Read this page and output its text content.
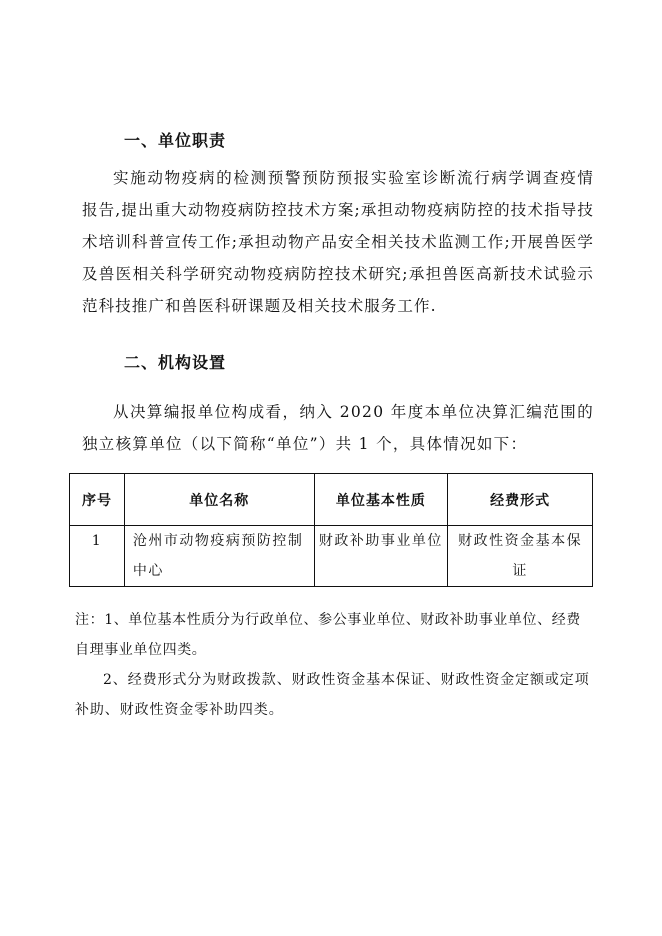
一、单位职责

实施动物疫病的检测预警预防预报实验室诊断流行病学调查疫情报告,提出重大动物疫病防控技术方案;承担动物疫病防控的技术指导技术培训科普宣传工作;承担动物产品安全相关技术监测工作;开展兽医学及兽医相关科学研究动物疫病防控技术研究;承担兽医高新技术试验示范科技推广和兽医科研课题及相关技术服务工作.

二、机构设置

从决算编报单位构成看，纳入 2020 年度本单位决算汇编范围的独立核算单位（以下简称“单位”）共 1 个，具体情况如下：

序号	单位名称	单位基本性质	经费形式
1	沧州市动物疫病预防控制中心	财政补助事业单位	财政性资金基本保证

注：1、单位基本性质分为行政单位、参公事业单位、财政补助事业单位、经费自理事业单位四类。

2、经费形式分为财政拨款、财政性资金基本保证、财政性资金定额或定项补助、财政性资金零补助四类。
